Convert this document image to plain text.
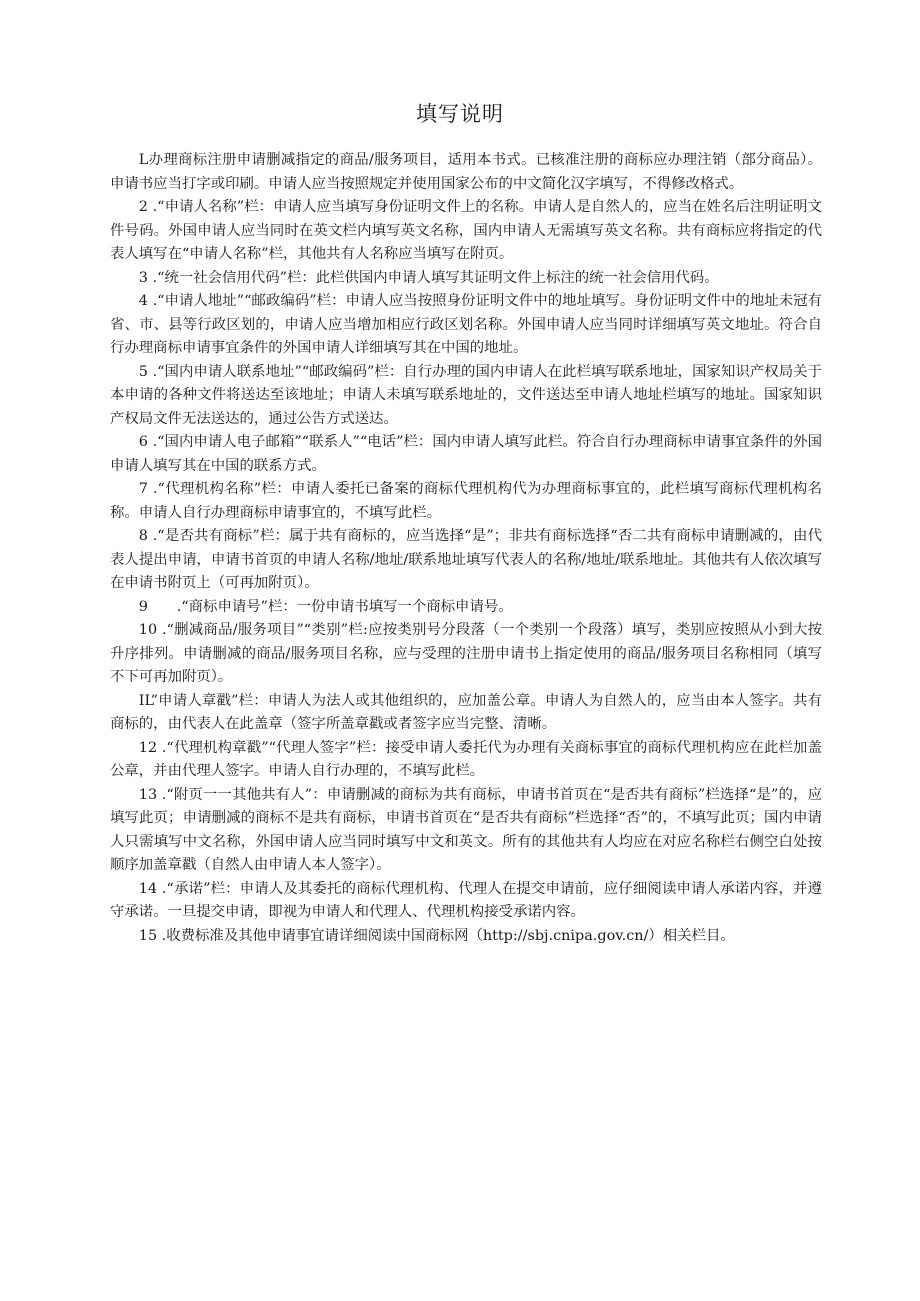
填写说明

L办理商标注册申请删减指定的商品/服务项目，适用本书式。已核准注册的商标应办理注销（部分商品）。申请书应当打字或印刷。申请人应当按照规定并使用国家公布的中文简化汉字填写，不得修改格式。

2 .“申请人名称”栏：申请人应当填写身份证明文件上的名称。申请人是自然人的，应当在姓名后注明证明文件号码。外国申请人应当同时在英文栏内填写英文名称，国内申请人无需填写英文名称。共有商标应将指定的代表人填写在“申请人名称”栏，其他共有人名称应当填写在附页。

3 .“统一社会信用代码”栏：此栏供国内申请人填写其证明文件上标注的统一社会信用代码。

4 .“申请人地址”“邮政编码”栏：申请人应当按照身份证明文件中的地址填写。身份证明文件中的地址未冠有省、市、县等行政区划的，申请人应当增加相应行政区划名称。外国申请人应当同时详细填写英文地址。符合自行办理商标申请事宜条件的外国申请人详细填写其在中国的地址。

5 .“国内申请人联系地址”“邮政编码”栏：自行办理的国内申请人在此栏填写联系地址，国家知识产权局关于本申请的各种文件将送达至该地址；申请人未填写联系地址的，文件送达至申请人地址栏填写的地址。国家知识产权局文件无法送达的，通过公告方式送达。

6 .“国内申请人电子邮箱”“联系人”“电话”栏：国内申请人填写此栏。符合自行办理商标申请事宜条件的外国申请人填写其在中国的联系方式。

7 .“代理机构名称”栏：申请人委托已备案的商标代理机构代为办理商标事宜的，此栏填写商标代理机构名称。申请人自行办理商标申请事宜的，不填写此栏。

8 .“是否共有商标”栏：属于共有商标的，应当选择“是”；非共有商标选择“否二共有商标申请删减的，由代表人提出申请，申请书首页的申请人名称/地址/联系地址填写代表人的名称/地址/联系地址。其他共有人依次填写在申请书附页上（可再加附页）。

9　　.“商标申请号”栏：一份申请书填写一个商标申请号。

10 .“删减商品/服务项目”“类别”栏:应按类别号分段落（一个类别一个段落）填写，类别应按照从小到大按升序排列。申请删减的商品/服务项目名称，应与受理的注册申请书上指定使用的商品/服务项目名称相同（填写不下可再加附页）。

IL”申请人章戳”栏：申请人为法人或其他组织的，应加盖公章。申请人为自然人的，应当由本人签字。共有商标的，由代表人在此盖章（签字所盖章戳或者签字应当完整、清晰。

12 .“代理机构章戳”“代理人签字”栏：接受申请人委托代为办理有关商标事宜的商标代理机构应在此栏加盖公章，并由代理人签字。申请人自行办理的，不填写此栏。

13 .“附页一一其他共有人”：申请删减的商标为共有商标，申请书首页在“是否共有商标”栏选择“是”的，应填写此页；申请删减的商标不是共有商标，申请书首页在“是否共有商标”栏选择“否”的，不填写此页；国内申请人只需填写中文名称，外国申请人应当同时填写中文和英文。所有的其他共有人均应在对应名称栏右侧空白处按顺序加盖章戳（自然人由申请人本人签字）。

14 .“承诺”栏：申请人及其委托的商标代理机构、代理人在提交申请前，应仔细阅读申请人承诺内容，并遵守承诺。一旦提交申请，即视为申请人和代理人、代理机构接受承诺内容。

15 .收费标准及其他申请事宜请详细阅读中国商标网（http://sbj.cnipa.gov.cn/）相关栏目。
